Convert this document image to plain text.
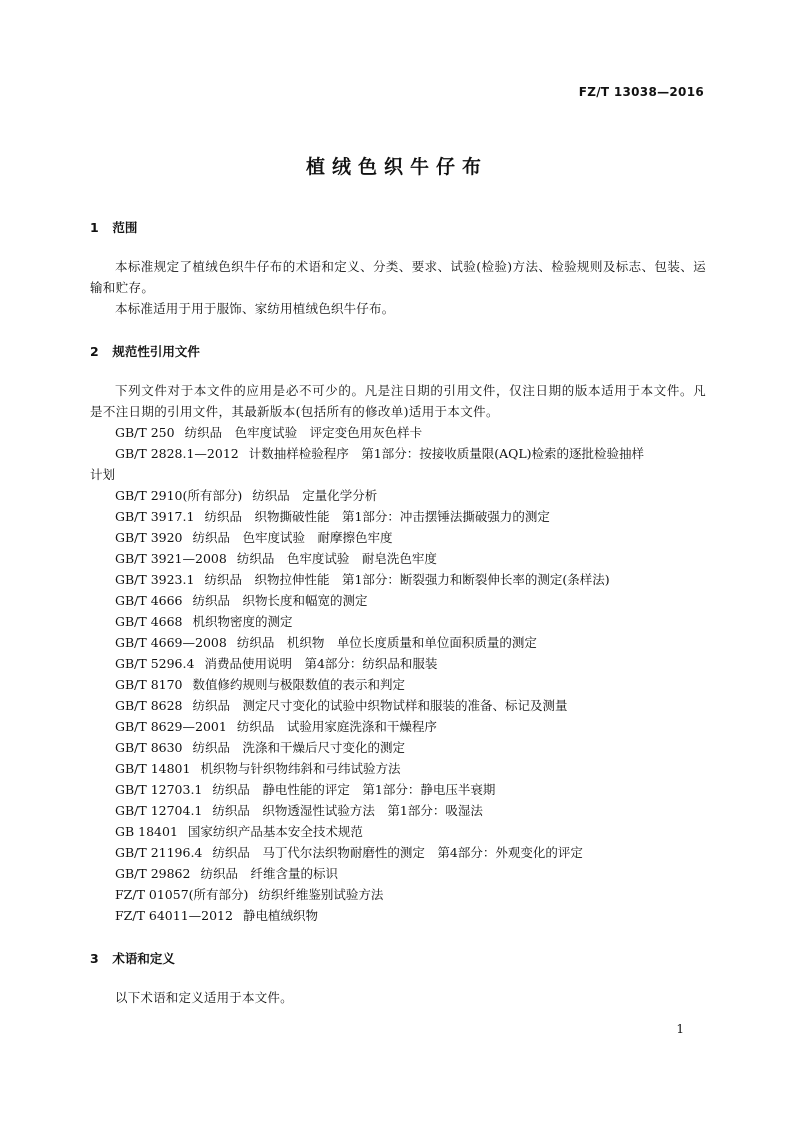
FZ/T 13038—2016
植绒色织牛仔布
1 范围

本标准规定了植绒色织牛仔布的术语和定义、分类、要求、试验(检验)方法、检验规则及标志、包装、运输和贮存。

本标准适用于用于服饰、家纺用植绒色织牛仔布。

2 规范性引用文件

下列文件对于本文件的应用是必不可少的。凡是注日期的引用文件，仅注日期的版本适用于本文件。凡是不注日期的引用文件，其最新版本(包括所有的修改单)适用于本文件。

GB/T 250 纺织品　色牢度试验　评定变色用灰色样卡

GB/T 2828.1—2012 计数抽样检验程序　第1部分：按接收质量限(AQL)检索的逐批检验抽样

计划

GB/T 2910(所有部分) 纺织品　定量化学分析

GB/T 3917.1 纺织品　织物撕破性能　第1部分：冲击摆锤法撕破强力的测定

GB/T 3920 纺织品　色牢度试验　耐摩擦色牢度

GB/T 3921—2008 纺织品　色牢度试验　耐皂洗色牢度

GB/T 3923.1 纺织品　织物拉伸性能　第1部分：断裂强力和断裂伸长率的测定(条样法)

GB/T 4666 纺织品　织物长度和幅宽的测定

GB/T 4668 机织物密度的测定

GB/T 4669—2008 纺织品　机织物　单位长度质量和单位面积质量的测定

GB/T 5296.4 消费品使用说明　第4部分：纺织品和服装

GB/T 8170 数值修约规则与极限数值的表示和判定

GB/T 8628 纺织品　测定尺寸变化的试验中织物试样和服装的准备、标记及测量

GB/T 8629—2001 纺织品　试验用家庭洗涤和干燥程序

GB/T 8630 纺织品　洗涤和干燥后尺寸变化的测定

GB/T 14801 机织物与针织物纬斜和弓纬试验方法

GB/T 12703.1 纺织品　静电性能的评定　第1部分：静电压半衰期

GB/T 12704.1 纺织品　织物透湿性试验方法　第1部分：吸湿法

GB 18401 国家纺织产品基本安全技术规范

GB/T 21196.4 纺织品　马丁代尔法织物耐磨性的测定　第4部分：外观变化的评定

GB/T 29862 纺织品　纤维含量的标识

FZ/T 01057(所有部分) 纺织纤维鉴别试验方法

FZ/T 64011—2012 静电植绒织物

3 术语和定义

以下术语和定义适用于本文件。

1
